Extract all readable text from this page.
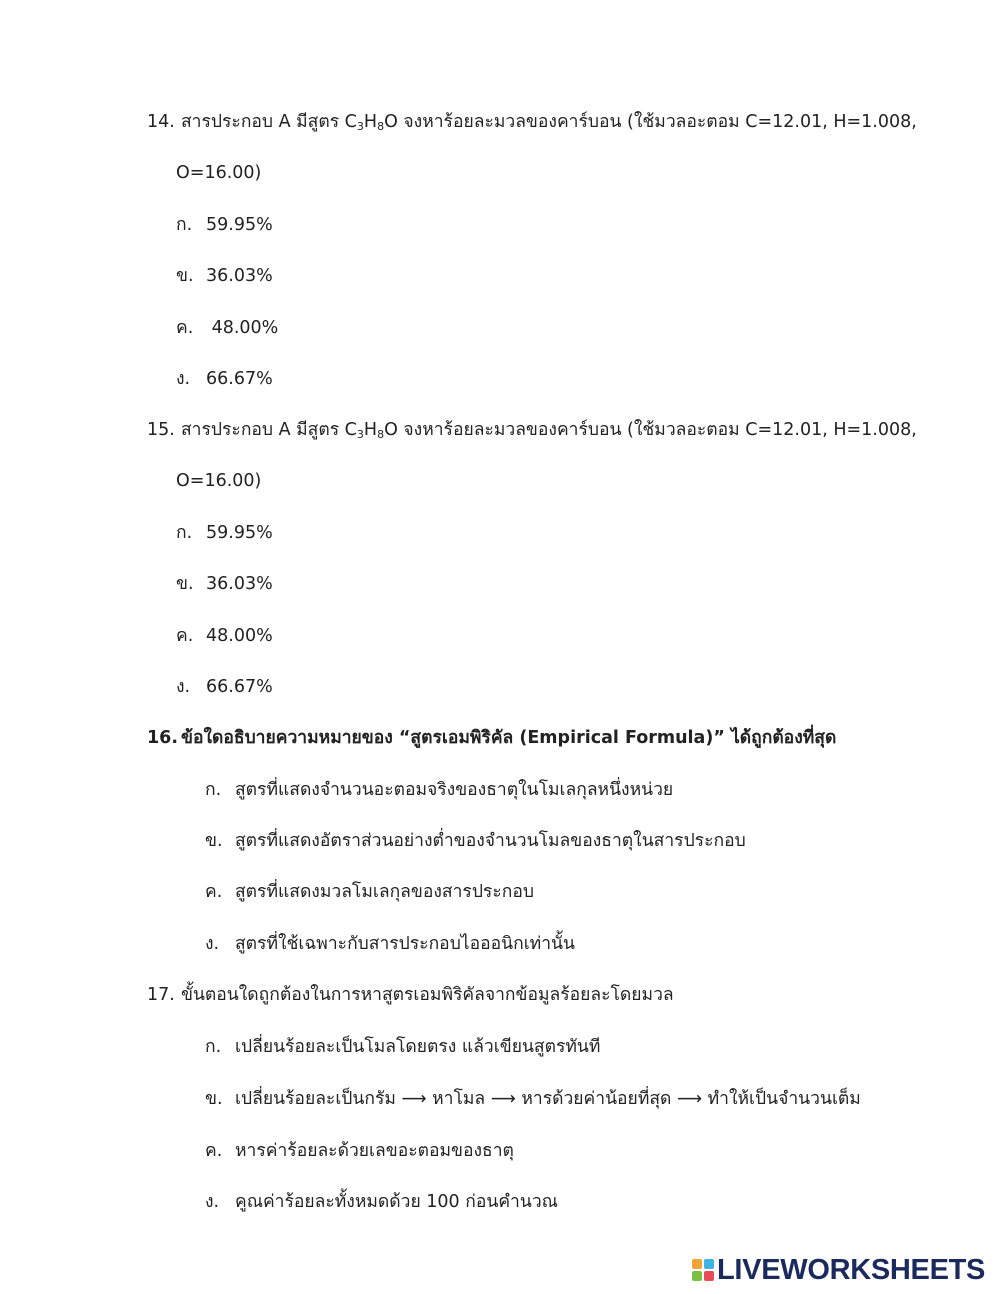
14. สารประกอบ A มีสูตร $C_3H_8O$ จงหาร้อยละมวลของคาร์บอน (ใช้มวลอะตอม C=12.01, H=1.008,
O=16.00)
ก. 59.95%
ข. 36.03%
ค. 48.00%
ง. 66.67%
15. สารประกอบ A มีสูตร $C_3H_8O$ จงหาร้อยละมวลของคาร์บอน (ใช้มวลอะตอม C=12.01, H=1.008,
O=16.00)
ก. 59.95%
ข. 36.03%
ค. 48.00%
ง. 66.67%
16. ข้อใดอธิบายความหมายของ “สูตรเอมพิริคัล (Empirical Formula)” ได้ถูกต้องที่สุด
ก. สูตรที่แสดงจำนวนอะตอมจริงของธาตุในโมเลกุลหนึ่งหน่วย
ข. สูตรที่แสดงอัตราส่วนอย่างต่ำของจำนวนโมลของธาตุในสารประกอบ
ค. สูตรที่แสดงมวลโมเลกุลของสารประกอบ
ง. สูตรที่ใช้เฉพาะกับสารประกอบไอออนิกเท่านั้น
17. ขั้นตอนใดถูกต้องในการหาสูตรเอมพิริคัลจากข้อมูลร้อยละโดยมวล
ก. เปลี่ยนร้อยละเป็นโมลโดยตรง แล้วเขียนสูตรทันที
ข. เปลี่ยนร้อยละเป็นกรัม ⟶ หาโมล ⟶ หารด้วยค่าน้อยที่สุด ⟶ ทำให้เป็นจำนวนเต็ม
ค. หารค่าร้อยละด้วยเลขอะตอมของธาตุ
ง. คูณค่าร้อยละทั้งหมดด้วย 100 ก่อนคำนวณ
LIVEWORKSHEETS
